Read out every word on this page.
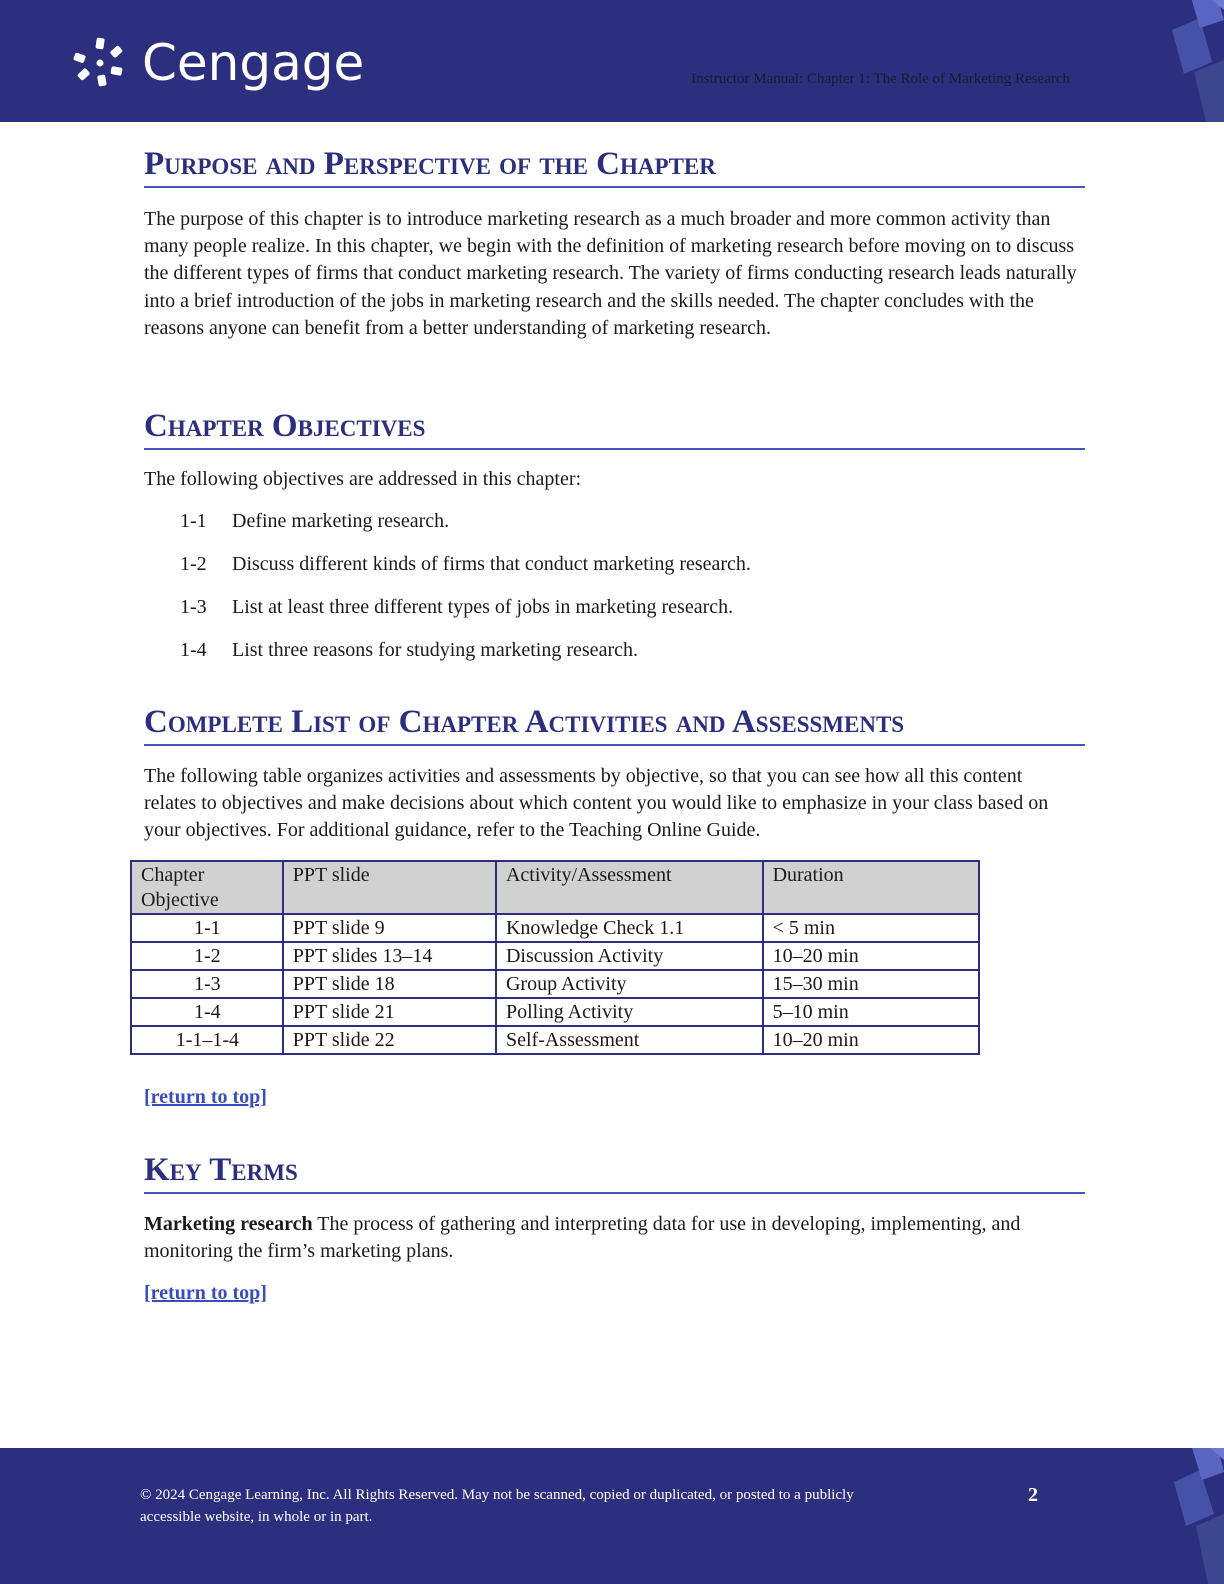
Cengage	Instructor Manual: Chapter 1: The Role of Marketing Research
Purpose and Perspective of the Chapter

The purpose of this chapter is to introduce marketing research as a much broader and more common activity than many people realize. In this chapter, we begin with the definition of marketing research before moving on to discuss the different types of firms that conduct marketing research. The variety of firms conducting research leads naturally into a brief introduction of the jobs in marketing research and the skills needed. The chapter concludes with the reasons anyone can benefit from a better understanding of marketing research.

Chapter Objectives

The following objectives are addressed in this chapter:

1-1	Define marketing research.
1-2	Discuss different kinds of firms that conduct marketing research.
1-3	List at least three different types of jobs in marketing research.
1-4	List three reasons for studying marketing research.
Complete List of Chapter Activities and Assessments

The following table organizes activities and assessments by objective, so that you can see how all this content relates to objectives and make decisions about which content you would like to emphasize in your class based on your objectives. For additional guidance, refer to the Teaching Online Guide.

Key Terms

Marketing research The process of gathering and interpreting data for use in developing, implementing, and monitoring the firm’s marketing plans.

Chapter Objective	PPT slide	Activity/Assessment	Duration
1-1	PPT slide 9	Knowledge Check 1.1	< 5 min
1-2	PPT slides 13–14	Discussion Activity	10–20 min
1-3	PPT slide 18	Group Activity	15–30 min
1-4	PPT slide 21	Polling Activity	5–10 min
1-1–1-4	PPT slide 22	Self-Assessment	10–20 min
[return to top]
[return to top]
© 2024 Cengage Learning, Inc. All Rights Reserved. May not be scanned, copied or duplicated, or posted to a publicly accessible website, in whole or in part.
2
